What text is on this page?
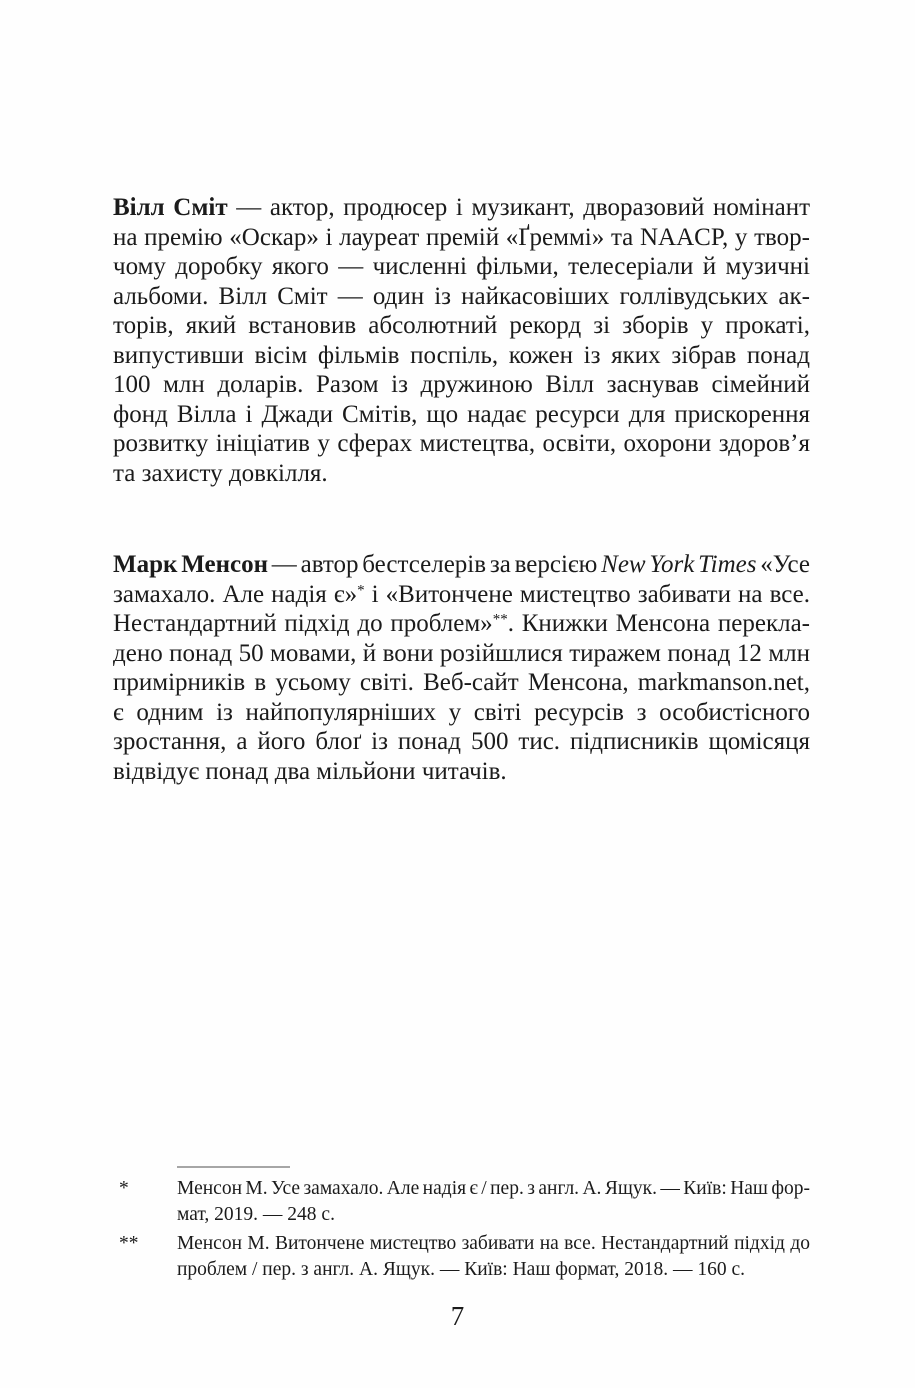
Вілл Сміт — актор, продюсер і музикант, дворазовий номінант
на премію «Оскар» і лауреат премій «Ґреммі» та NAACP, у твор-
чому доробку якого — численні фільми, телесеріали й музичні
альбоми. Вілл Сміт — один із найкасовіших голлівудських ак-
торів, який встановив абсолютний рекорд зі зборів у прокаті,
випустивши вісім фільмів поспіль, кожен із яких зібрав понад
100 млн доларів. Разом із дружиною Вілл заснував сімейний
фонд Вілла і Джади Смітів, що надає ресурси для прискорення
розвитку ініціатив у сферах мистецтва, освіти, охорони здоров’я
та захисту довкілля.
Марк Менсон — автор бестселерів за версією New York Times «Усе
замахало. Але надія є»* і «Витончене мистецтво забивати на все.
Нестандартний підхід до проблем»**. Книжки Менсона перекла-
дено понад 50 мовами, й вони розійшлися тиражем понад 12 млн
примірників в усьому світі. Веб-сайт Менсона, markmanson.net,
є одним із найпопулярніших у світі ресурсів з особистісного
зростання, а його блоґ із понад 500 тис. підписників щомісяця
відвідує понад два мільйони читачів.
*	Менсон М. Усе замахало. Але надія є / пер. з англ. А. Ящук. — Київ: Наш фор-
мат, 2019. — 248 с.
**	Менсон М. Витончене мистецтво забивати на все. Нестандартний підхід до
проблем / пер. з англ. А. Ящук. — Київ: Наш формат, 2018. — 160 с.
7
